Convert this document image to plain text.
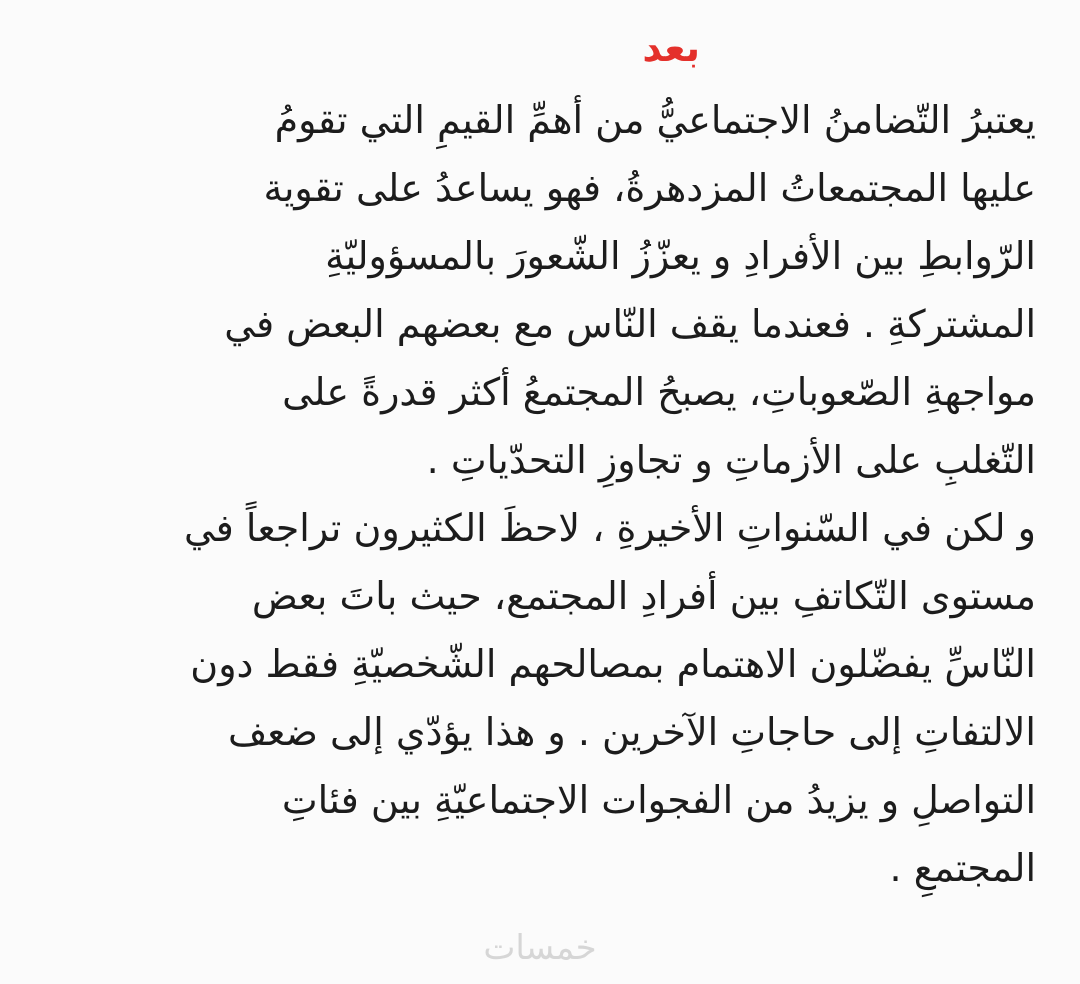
بعد
يعتبرُ التّضامنُ الاجتماعيُّ من أهمِّ القيمِ التي تقومُ
عليها المجتمعاتُ المزدهرةُ، فهو يساعدُ على تقوية
الرّوابطِ بين الأفرادِ و يعزّزُ الشّعورَ بالمسؤوليّةِ
المشتركةِ . فعندما يقف النّاس مع بعضهم البعض في
مواجهةِ الصّعوباتِ، يصبحُ المجتمعُ أكثر قدرةً على
التّغلبِ على الأزماتِ و تجاوزِ التحدّياتِ .
و لكن في السّنواتِ الأخيرةِ ، لاحظَ الكثيرون تراجعاً في
مستوى التّكاتفِ بين أفرادِ المجتمع، حيث باتَ بعض
النّاسِّ يفضّلون الاهتمام بمصالحهم الشّخصيّةِ فقط دون
الالتفاتِ إلى حاجاتِ الآخرين . و هذا يؤدّي إلى ضعف
التواصلِ و يزيدُ من الفجوات الاجتماعيّةِ بين فئاتِ
المجتمعِ .
خمسات
